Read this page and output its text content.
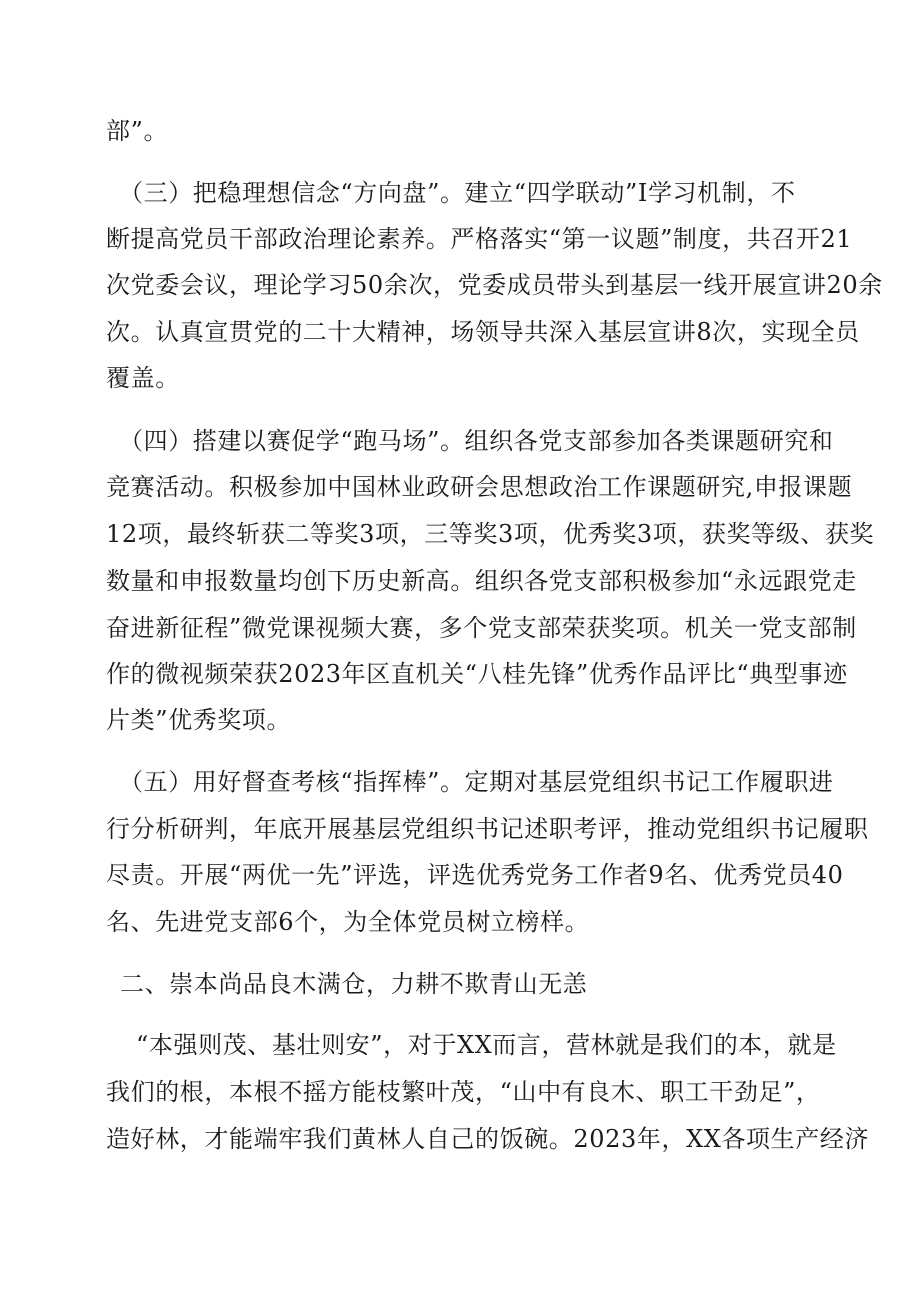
部”。
（三）把稳理想信念“方向盘”。建立“四学联动”I学习机制，不
断提高党员干部政治理论素养。严格落实“第一议题”制度，共召开21
次党委会议，理论学习50余次，党委成员带头到基层一线开展宣讲20余
次。认真宣贯党的二十大精神，场领导共深入基层宣讲8次，实现全员
覆盖。
（四）搭建以赛促学“跑马场”。组织各党支部参加各类课题研究和
竞赛活动。积极参加中国林业政研会思想政治工作课题研究,申报课题
12项，最终斩获二等奖3项，三等奖3项，优秀奖3项，获奖等级、获奖
数量和申报数量均创下历史新高。组织各党支部积极参加“永远跟党走
奋进新征程”微党课视频大赛，多个党支部荣获奖项。机关一党支部制
作的微视频荣获2023年区直机关“八桂先锋”优秀作品评比“典型事迹
片类”优秀奖项。
（五）用好督查考核“指挥棒”。定期对基层党组织书记工作履职进
行分析研判，年底开展基层党组织书记述职考评，推动党组织书记履职
尽责。开展“两优一先”评选，评选优秀党务工作者9名、优秀党员40
名、先进党支部6个，为全体党员树立榜样。
二、崇本尚品良木满仓，力耕不欺青山无恙
“本强则茂、基壮则安”，对于XX而言，营林就是我们的本，就是
我们的根，本根不摇方能枝繁叶茂，“山中有良木、职工干劲足”，
造好林，才能端牢我们黄林人自己的饭碗。2023年，XX各项生产经济
